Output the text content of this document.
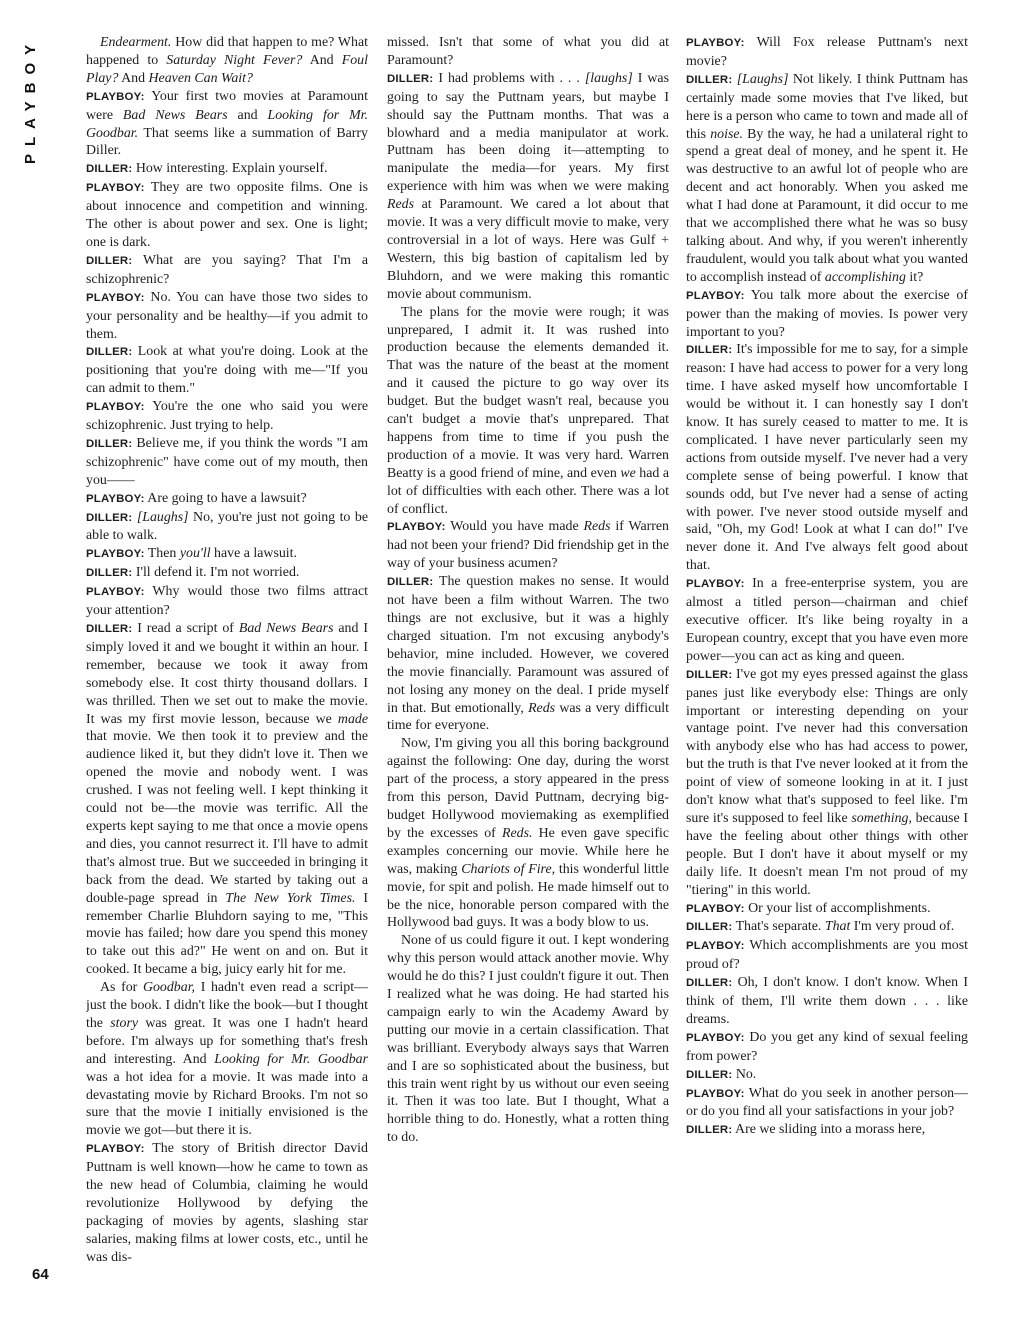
PLAYBOY	Endearment. How did that happen to me? What happened to Saturday Night Fever? And Foul Play? And Heaven Can Wait?

PLAYBOY: Your first two movies at Paramount were Bad News Bears and Looking for Mr. Goodbar. That seems like a summation of Barry Diller.

DILLER: How interesting. Explain yourself.

PLAYBOY: They are two opposite films. One is about innocence and competition and winning. The other is about power and sex. One is light; one is dark.

DILLER: What are you saying? That I'm a schizophrenic?

PLAYBOY: No. You can have those two sides to your personality and be healthy—if you admit to them.

DILLER: Look at what you're doing. Look at the positioning that you're doing with me—"If you can admit to them."

PLAYBOY: You're the one who said you were schizophrenic. Just trying to help.

DILLER: Believe me, if you think the words "I am schizophrenic" have come out of my mouth, then you——

PLAYBOY: Are going to have a lawsuit?

DILLER: [Laughs] No, you're just not going to be able to walk.

PLAYBOY: Then you'll have a lawsuit.

DILLER: I'll defend it. I'm not worried.

PLAYBOY: Why would those two films attract your attention?

DILLER: I read a script of Bad News Bears and I simply loved it and we bought it within an hour. I remember, because we took it away from somebody else. It cost thirty thousand dollars. I was thrilled. Then we set out to make the movie. It was my first movie lesson, because we made that movie. We then took it to preview and the audience liked it, but they didn't love it. Then we opened the movie and nobody went. I was crushed. I was not feeling well. I kept thinking it could not be—the movie was terrific. All the experts kept saying to me that once a movie opens and dies, you cannot resurrect it. I'll have to admit that's almost true. But we succeeded in bringing it back from the dead. We started by taking out a double-page spread in The New York Times. I remember Charlie Bluhdorn saying to me, "This movie has failed; how dare you spend this money to take out this ad?" He went on and on. But it cooked. It became a big, juicy early hit for me.

As for Goodbar, I hadn't even read a script—just the book. I didn't like the book—but I thought the story was great. It was one I hadn't heard before. I'm always up for something that's fresh and interesting. And Looking for Mr. Goodbar was a hot idea for a movie. It was made into a devastating movie by Richard Brooks. I'm not so sure that the movie I initially envisioned is the movie we got—but there it is.

PLAYBOY: The story of British director David Puttnam is well known—how he came to town as the new head of Columbia, claiming he would revolutionize Hollywood by defying the packaging of movies by agents, slashing star salaries, making films at lower costs, etc., until he was dis-

missed. Isn't that some of what you did at Paramount?

DILLER: I had problems with . . . [laughs] I was going to say the Puttnam years, but maybe I should say the Puttnam months. That was a blowhard and a media manipulator at work. Puttnam has been doing it—attempting to manipulate the media—for years. My first experience with him was when we were making Reds at Paramount. We cared a lot about that movie. It was a very difficult movie to make, very controversial in a lot of ways. Here was Gulf + Western, this big bastion of capitalism led by Bluhdorn, and we were making this romantic movie about communism.

The plans for the movie were rough; it was unprepared, I admit it. It was rushed into production because the elements demanded it. That was the nature of the beast at the moment and it caused the picture to go way over its budget. But the budget wasn't real, because you can't budget a movie that's unprepared. That happens from time to time if you push the production of a movie. It was very hard. Warren Beatty is a good friend of mine, and even we had a lot of difficulties with each other. There was a lot of conflict.

PLAYBOY: Would you have made Reds if Warren had not been your friend? Did friendship get in the way of your business acumen?

DILLER: The question makes no sense. It would not have been a film without Warren. The two things are not exclusive, but it was a highly charged situation. I'm not excusing anybody's behavior, mine included. However, we covered the movie financially. Paramount was assured of not losing any money on the deal. I pride myself in that. But emotionally, Reds was a very difficult time for everyone.

Now, I'm giving you all this boring background against the following: One day, during the worst part of the process, a story appeared in the press from this person, David Puttnam, decrying big-budget Hollywood moviemaking as exemplified by the excesses of Reds. He even gave specific examples concerning our movie. While here he was, making Chariots of Fire, this wonderful little movie, for spit and polish. He made himself out to be the nice, honorable person compared with the Hollywood bad guys. It was a body blow to us.

None of us could figure it out. I kept wondering why this person would attack another movie. Why would he do this? I just couldn't figure it out. Then I realized what he was doing. He had started his campaign early to win the Academy Award by putting our movie in a certain classification. That was brilliant. Everybody always says that Warren and I are so sophisticated about the business, but this train went right by us without our even seeing it. Then it was too late. But I thought, What a horrible thing to do. Honestly, what a rotten thing to do.

PLAYBOY: Will Fox release Puttnam's next movie?

DILLER: [Laughs] Not likely. I think Puttnam has certainly made some movies that I've liked, but here is a person who came to town and made all of this noise. By the way, he had a unilateral right to spend a great deal of money, and he spent it. He was destructive to an awful lot of people who are decent and act honorably. When you asked me what I had done at Paramount, it did occur to me that we accomplished there what he was so busy talking about. And why, if you weren't inherently fraudulent, would you talk about what you wanted to accomplish instead of accomplishing it?

PLAYBOY: You talk more about the exercise of power than the making of movies. Is power very important to you?

DILLER: It's impossible for me to say, for a simple reason: I have had access to power for a very long time. I have asked myself how uncomfortable I would be without it. I can honestly say I don't know. It has surely ceased to matter to me. It is complicated. I have never particularly seen my actions from outside myself. I've never had a very complete sense of being powerful. I know that sounds odd, but I've never had a sense of acting with power. I've never stood outside myself and said, "Oh, my God! Look at what I can do!" I've never done it. And I've always felt good about that.

PLAYBOY: In a free-enterprise system, you are almost a titled person—chairman and chief executive officer. It's like being royalty in a European country, except that you have even more power—you can act as king and queen.

DILLER: I've got my eyes pressed against the glass panes just like everybody else: Things are only important or interesting depending on your vantage point. I've never had this conversation with anybody else who has had access to power, but the truth is that I've never looked at it from the point of view of someone looking in at it. I just don't know what that's supposed to feel like. I'm sure it's supposed to feel like something, because I have the feeling about other things with other people. But I don't have it about myself or my daily life. It doesn't mean I'm not proud of my "tiering" in this world.

PLAYBOY: Or your list of accomplishments.

DILLER: That's separate. That I'm very proud of.

PLAYBOY: Which accomplishments are you most proud of?

DILLER: Oh, I don't know. I don't know. When I think of them, I'll write them down . . . like dreams.

PLAYBOY: Do you get any kind of sexual feeling from power?

DILLER: No.

PLAYBOY: What do you seek in another person—or do you find all your satisfactions in your job?

DILLER: Are we sliding into a morass here,

64
